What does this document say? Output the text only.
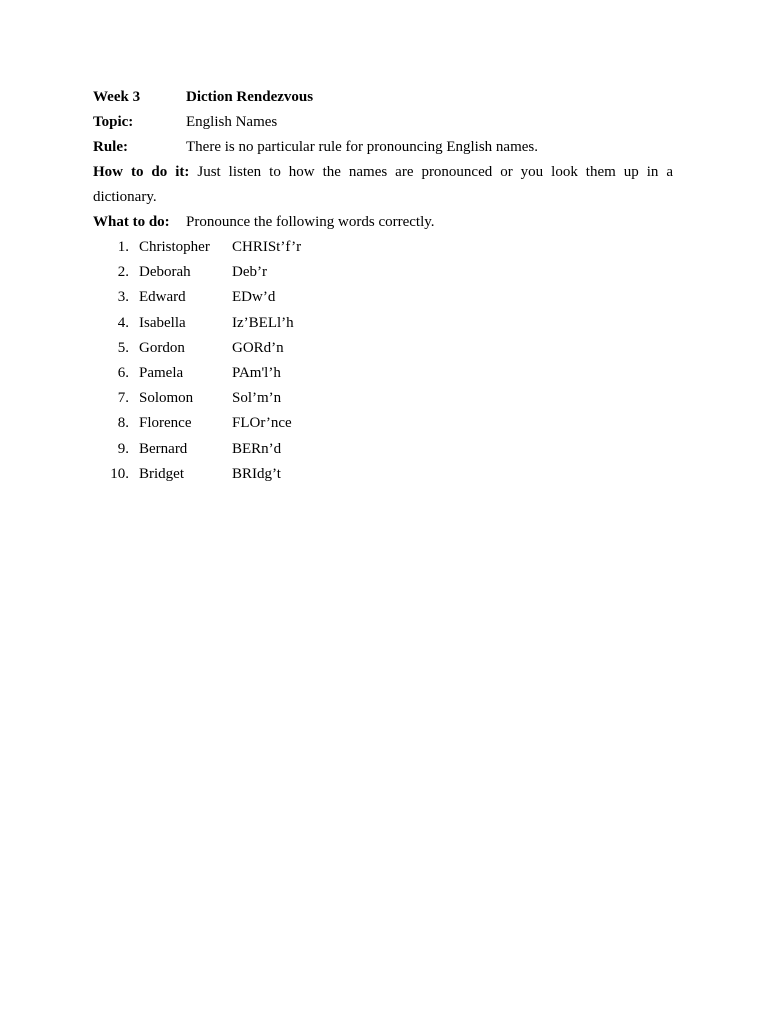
Week 3	Diction Rendezvous
Topic:	English Names
Rule:	There is no particular rule for pronouncing English names.
How to do it: Just listen to how the names are pronounced or you look them up in a
dictionary.
What to do:	Pronounce the following words correctly.
1. Christopher	CHRISt’f’r
2. Deborah	Deb’r
3. Edward	EDw’d
4. Isabella	Iz’BELl’h
5. Gordon	GORd’n
6. Pamela	PAm'l’h
7. Solomon	Sol’m’n
8. Florence	FLOr’nce
9. Bernard	BERn’d
10. Bridget	BRIdg’t
